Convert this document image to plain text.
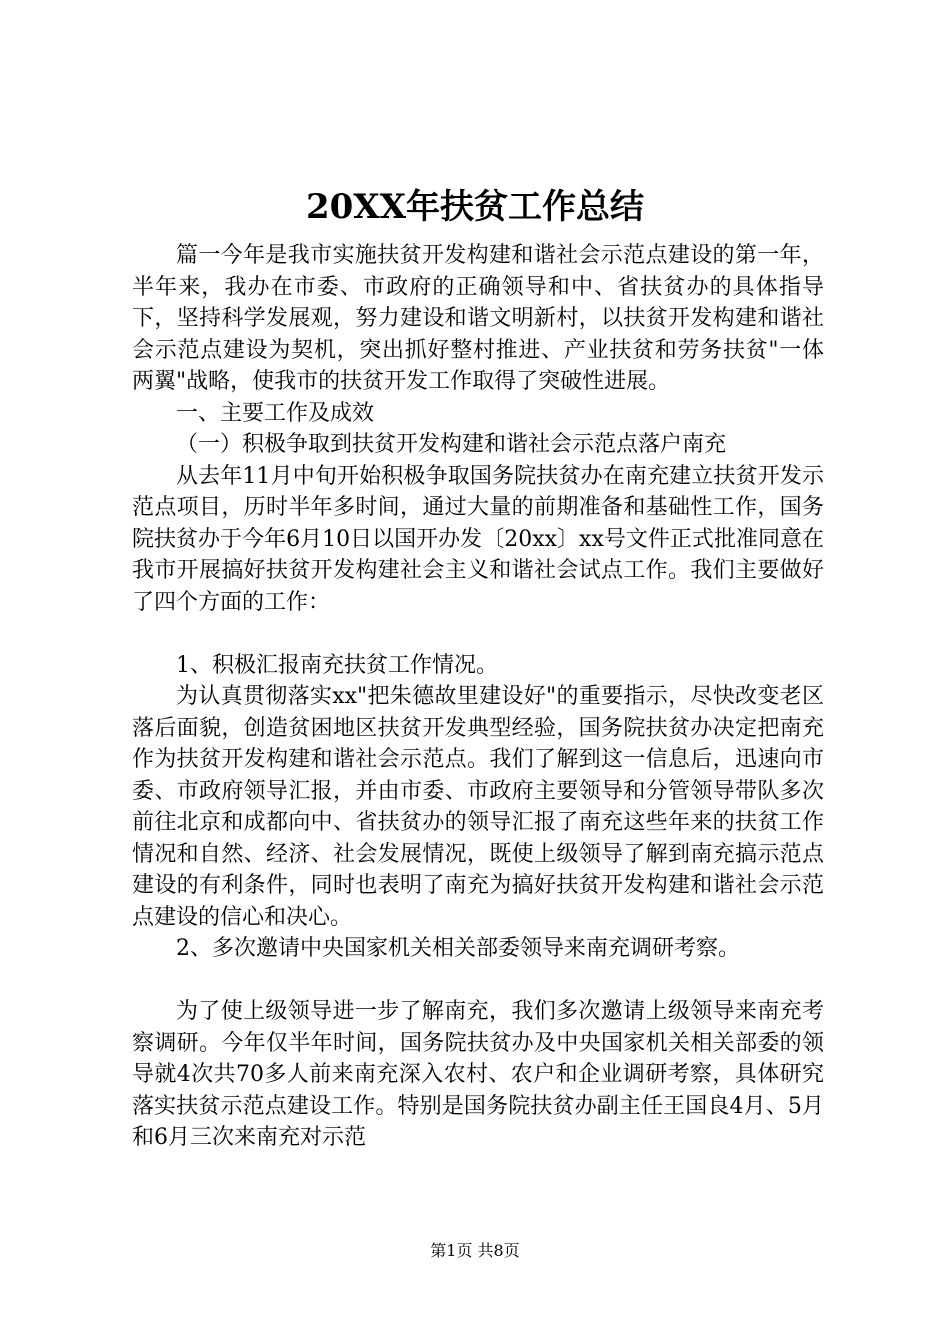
20XX年扶贫工作总结

篇一今年是我市实施扶贫开发构建和谐社会示范点建设的第一年，半年来，我办在市委、市政府的正确领导和中、省扶贫办的具体指导下，坚持科学发展观，努力建设和谐文明新村，以扶贫开发构建和谐社会示范点建设为契机，突出抓好整村推进、产业扶贫和劳务扶贫"一体两翼"战略，使我市的扶贫开发工作取得了突破性进展。

一、主要工作及成效

（一）积极争取到扶贫开发构建和谐社会示范点落户南充

从去年11月中旬开始积极争取国务院扶贫办在南充建立扶贫开发示范点项目，历时半年多时间，通过大量的前期准备和基础性工作，国务院扶贫办于今年6月10日以国开办发〔20xx〕xx号文件正式批准同意在我市开展搞好扶贫开发构建社会主义和谐社会试点工作。我们主要做好了四个方面的工作：

1、积极汇报南充扶贫工作情况。

为认真贯彻落实xx"把朱德故里建设好"的重要指示，尽快改变老区落后面貌，创造贫困地区扶贫开发典型经验，国务院扶贫办决定把南充作为扶贫开发构建和谐社会示范点。我们了解到这一信息后，迅速向市委、市政府领导汇报，并由市委、市政府主要领导和分管领导带队多次前往北京和成都向中、省扶贫办的领导汇报了南充这些年来的扶贫工作情况和自然、经济、社会发展情况，既使上级领导了解到南充搞示范点建设的有利条件，同时也表明了南充为搞好扶贫开发构建和谐社会示范点建设的信心和决心。

2、多次邀请中央国家机关相关部委领导来南充调研考察。

为了使上级领导进一步了解南充，我们多次邀请上级领导来南充考察调研。今年仅半年时间，国务院扶贫办及中央国家机关相关部委的领导就4次共70多人前来南充深入农村、农户和企业调研考察，具体研究落实扶贫示范点建设工作。特别是国务院扶贫办副主任王国良4月、5月和6月三次来南充对示范

第1页 共8页
